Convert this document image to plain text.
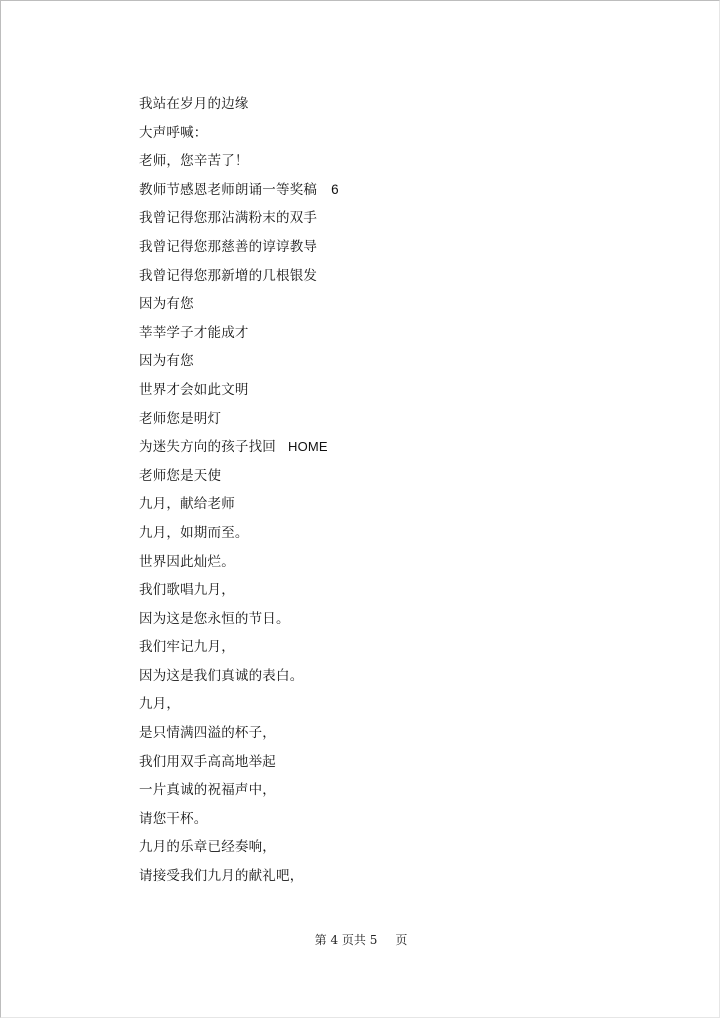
我站在岁月的边缘
大声呼喊：
老师，您辛苦了！
教师节感恩老师朗诵一等奖稿 6
我曾记得您那沾满粉末的双手
我曾记得您那慈善的谆谆教导
我曾记得您那新增的几根银发
因为有您
莘莘学子才能成才
因为有您
世界才会如此文明
老师您是明灯
为迷失方向的孩子找回 HOME
老师您是天使
九月，献给老师
九月，如期而至。
世界因此灿烂。
我们歌唱九月，
因为这是您永恒的节日。
我们牢记九月，
因为这是我们真诚的表白。
九月，
是只情满四溢的杯子，
我们用双手高高地举起
一片真诚的祝福声中，
请您干杯。
九月的乐章已经奏响，
请接受我们九月的献礼吧，
第 4 页共 5 页
